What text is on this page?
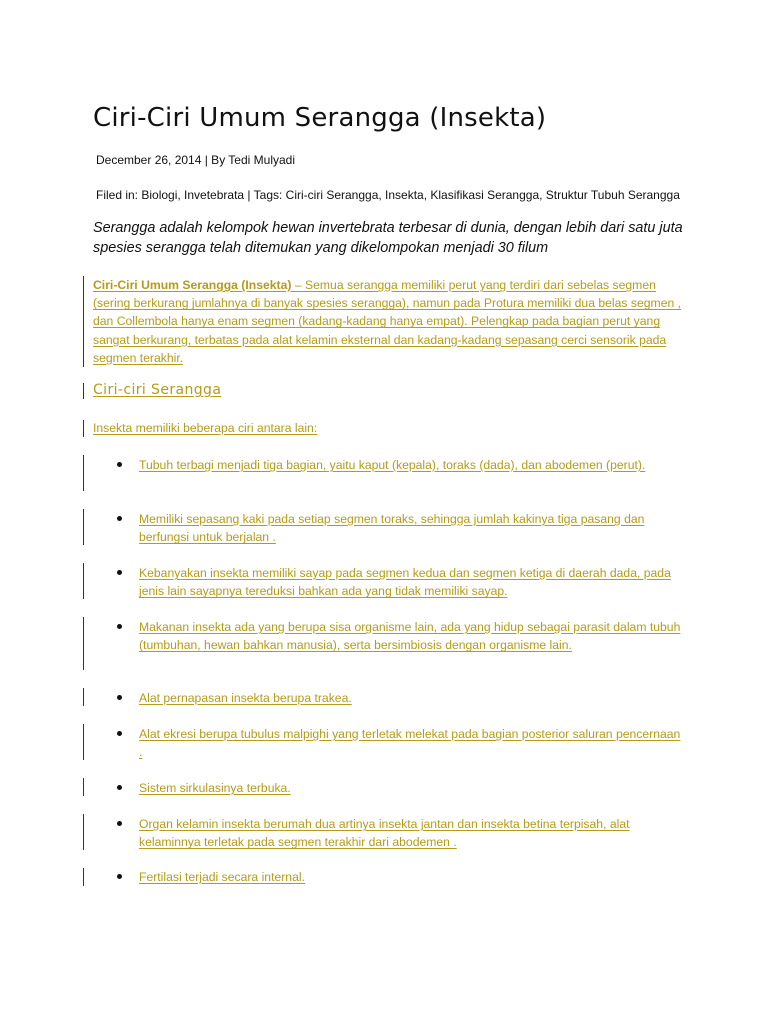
Ciri-Ciri Umum Serangga (Insekta)

December 26, 2014 | By Tedi Mulyadi

Filed in: Biologi, Invetebrata | Tags: Ciri-ciri Serangga, Insekta, Klasifikasi Serangga, Struktur Tubuh Serangga

Serangga adalah kelompok hewan invertebrata terbesar di dunia, dengan lebih dari satu juta spesies serangga telah ditemukan yang dikelompokan menjadi 30 filum

Ciri-Ciri Umum Serangga (Insekta) – Semua serangga memiliki perut yang terdiri dari sebelas segmen (sering berkurang jumlahnya di banyak spesies serangga), namun pada Protura memiliki dua belas segmen , dan Collembola hanya enam segmen (kadang-kadang hanya empat). Pelengkap pada bagian perut yang sangat berkurang, terbatas pada alat kelamin eksternal dan kadang-kadang sepasang cerci sensorik pada segmen terakhir.

Ciri-ciri Serangga

Insekta memiliki beberapa ciri antara lain:

Tubuh terbagi menjadi tiga bagian, yaitu kaput (kepala), toraks (dada), dan abodemen (perut).
Memiliki sepasang kaki pada setiap segmen toraks, sehingga jumlah kakinya tiga pasang dan berfungsi untuk berjalan .
Kebanyakan insekta memiliki sayap pada segmen kedua dan segmen ketiga di daerah dada, pada jenis lain sayapnya tereduksi bahkan ada yang tidak memiliki sayap.
Makanan insekta ada yang berupa sisa organisme lain, ada yang hidup sebagai parasit dalam tubuh (tumbuhan, hewan bahkan manusia), serta bersimbiosis dengan organisme lain.
Alat pernapasan insekta berupa trakea.
Alat ekresi berupa tubulus malpighi yang terletak melekat pada bagian posterior saluran pencernaan .
Sistem sirkulasinya terbuka.
Organ kelamin insekta berumah dua artinya insekta jantan dan insekta betina terpisah, alat kelaminnya terletak pada segmen terakhir dari abodemen .
Fertilasi terjadi secara internal.
